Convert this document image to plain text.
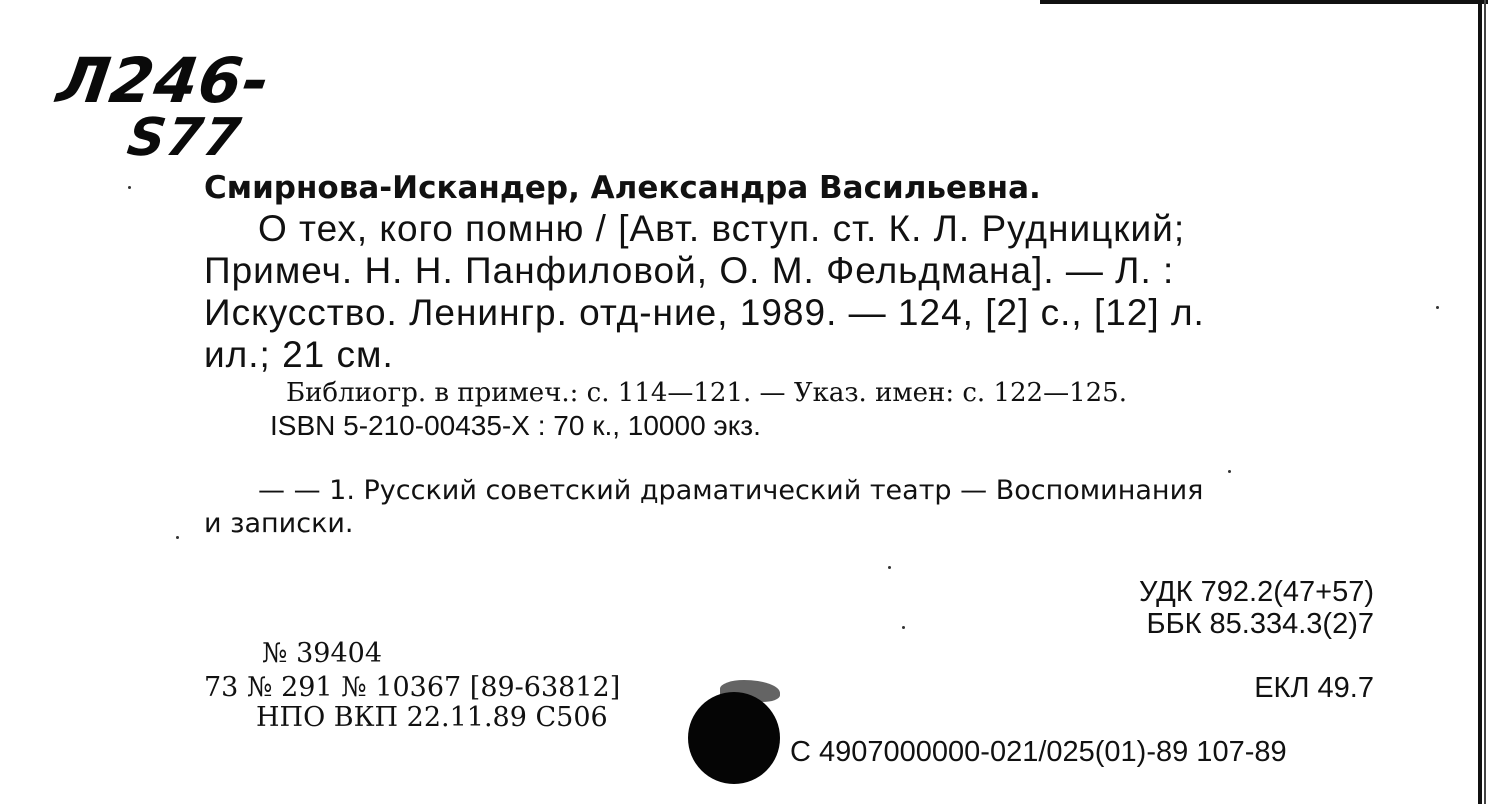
Л246-
S77
Смирнова-Искандер, Александра Васильевна.
О тех, кого помню / [Авт. вступ. ст. К. Л. Рудницкий;
Примеч. Н. Н. Панфиловой, О. М. Фельдмана]. — Л. :
Искусство. Ленингр. отд-ние, 1989. — 124, [2] с., [12] л.
ил.; 21 см.
Библиогр. в примеч.: с. 114—121. — Указ. имен: с. 122—125.
ISBN 5-210-00435-X : 70 к., 10000 экз.
— — 1. Русский советский драматический театр — Воспоминания
и записки.
УДК 792.2(47+57)
ББК 85.334.3(2)7
ЕКЛ 49.7
№ 39404
73 № 291 № 10367 [89-63812]
НПО ВКП 22.11.89 С506
С 4907000000-021/025(01)-89 107-89
